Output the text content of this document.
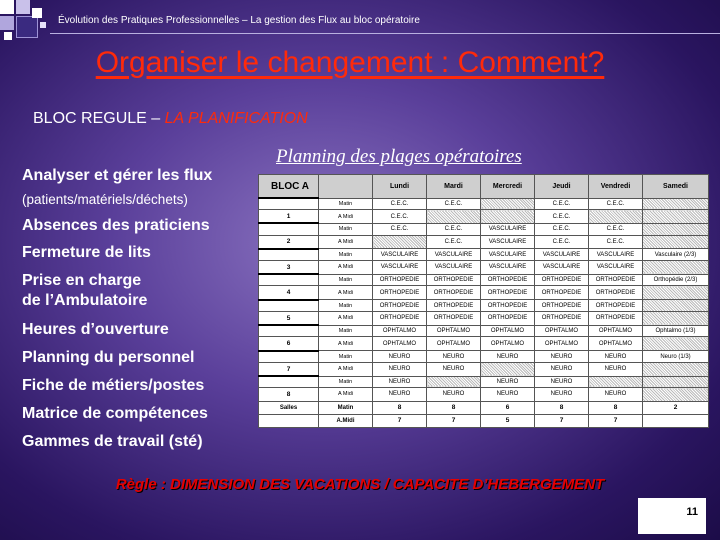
Évolution des Pratiques Professionnelles – La gestion des Flux au bloc opératoire
Organiser le changement : Comment?
BLOC REGULE – LA PLANIFICATION
Analyser et gérer les flux
(patients/matériels/déchets)
Absences des praticiens
Fermeture de lits
Prise en charge
de l’Ambulatoire
Heures d’ouverture
Planning du personnel
Fiche de métiers/postes
Matrice de compétences
Gammes de travail (sté)
Planning des plages opératoires
BLOC A		Lundi	Mardi	Mercredi	Jeudi	Vendredi	Samedi
	Matin	C.E.C.	C.E.C.		C.E.C.	C.E.C.	
1	A Midi	C.E.C.			C.E.C.		
	Matin	C.E.C.	C.E.C.	VASCULAIRE	C.E.C.	C.E.C.	
2	A Midi		C.E.C.	VASCULAIRE	C.E.C.	C.E.C.	
	Matin	VASCULAIRE	VASCULAIRE	VASCULAIRE	VASCULAIRE	VASCULAIRE	Vasculaire (2/3)
3	A Midi	VASCULAIRE	VASCULAIRE	VASCULAIRE	VASCULAIRE	VASCULAIRE	
	Matin	ORTHOPEDIE	ORTHOPEDIE	ORTHOPEDIE	ORTHOPEDIE	ORTHOPEDIE	Orthopédie (2/3)
4	A Midi	ORTHOPEDIE	ORTHOPEDIE	ORTHOPEDIE	ORTHOPEDIE	ORTHOPEDIE	
	Matin	ORTHOPEDIE	ORTHOPEDIE	ORTHOPEDIE	ORTHOPEDIE	ORTHOPEDIE	
5	A Midi	ORTHOPEDIE	ORTHOPEDIE	ORTHOPEDIE	ORTHOPEDIE	ORTHOPEDIE	
	Matin	OPHTALMO	OPHTALMO	OPHTALMO	OPHTALMO	OPHTALMO	Ophtalmo (1/3)
6	A Midi	OPHTALMO	OPHTALMO	OPHTALMO	OPHTALMO	OPHTALMO	
	Matin	NEURO	NEURO	NEURO	NEURO	NEURO	Neuro (1/3)
7	A Midi	NEURO	NEURO		NEURO	NEURO	
	Matin	NEURO		NEURO	NEURO		
8	A Midi	NEURO	NEURO	NEURO	NEURO	NEURO	
Salles	Matin	8	8	6	8	8	2
	A.Midi	7	7	5	7	7	
Règle : DIMENSION DES VACATIONS / CAPACITE D’HEBERGEMENT
11
